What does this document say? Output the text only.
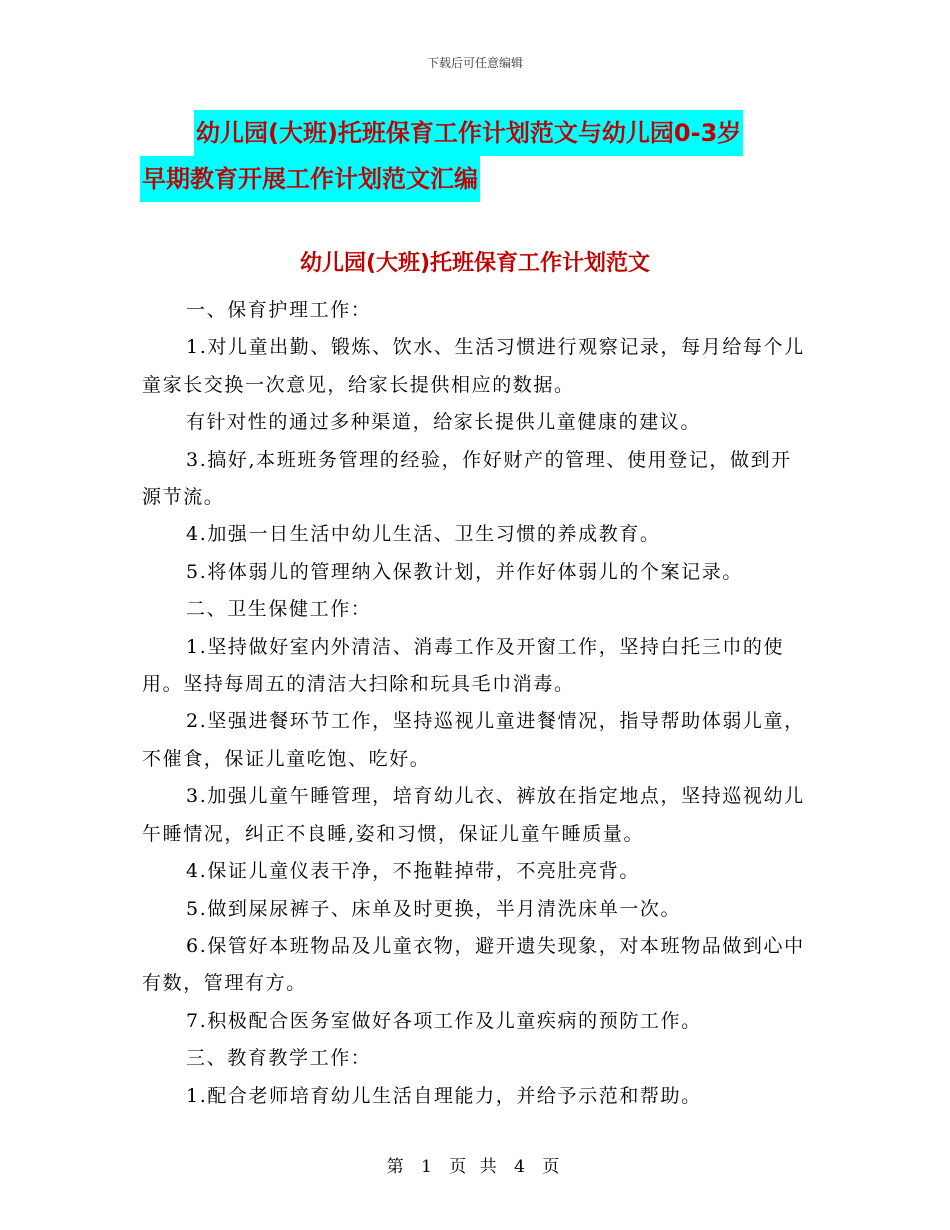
下载后可任意编辑
幼儿园(大班)托班保育工作计划范文与幼儿园0-3岁
早期教育开展工作计划范文汇编
幼儿园(大班)托班保育工作计划范文

一、保育护理工作：

1.对儿童出勤、锻炼、饮水、生活习惯进行观察记录，每月给每个儿童家长交换一次意见，给家长提供相应的数据。

有针对性的通过多种渠道，给家长提供儿童健康的建议。

3.搞好,本班班务管理的经验，作好财产的管理、使用登记，做到开源节流。

4.加强一日生活中幼儿生活、卫生习惯的养成教育。

5.将体弱儿的管理纳入保教计划，并作好体弱儿的个案记录。

二、卫生保健工作：

1.坚持做好室内外清洁、消毒工作及开窗工作，坚持白托三巾的使用。坚持每周五的清洁大扫除和玩具毛巾消毒。

2.坚强进餐环节工作，坚持巡视儿童进餐情况，指导帮助体弱儿童，不催食，保证儿童吃饱、吃好。

3.加强儿童午睡管理，培育幼儿衣、裤放在指定地点，坚持巡视幼儿午睡情况，纠正不良睡,姿和习惯，保证儿童午睡质量。

4.保证儿童仪表干净，不拖鞋掉带，不亮肚亮背。

5.做到屎尿裤子、床单及时更换，半月清洗床单一次。

6.保管好本班物品及儿童衣物，避开遗失现象，对本班物品做到心中有数，管理有方。

7.积极配合医务室做好各项工作及儿童疾病的预防工作。

三、教育教学工作：

1.配合老师培育幼儿生活自理能力，并给予示范和帮助。

第 1 页 共 4 页
